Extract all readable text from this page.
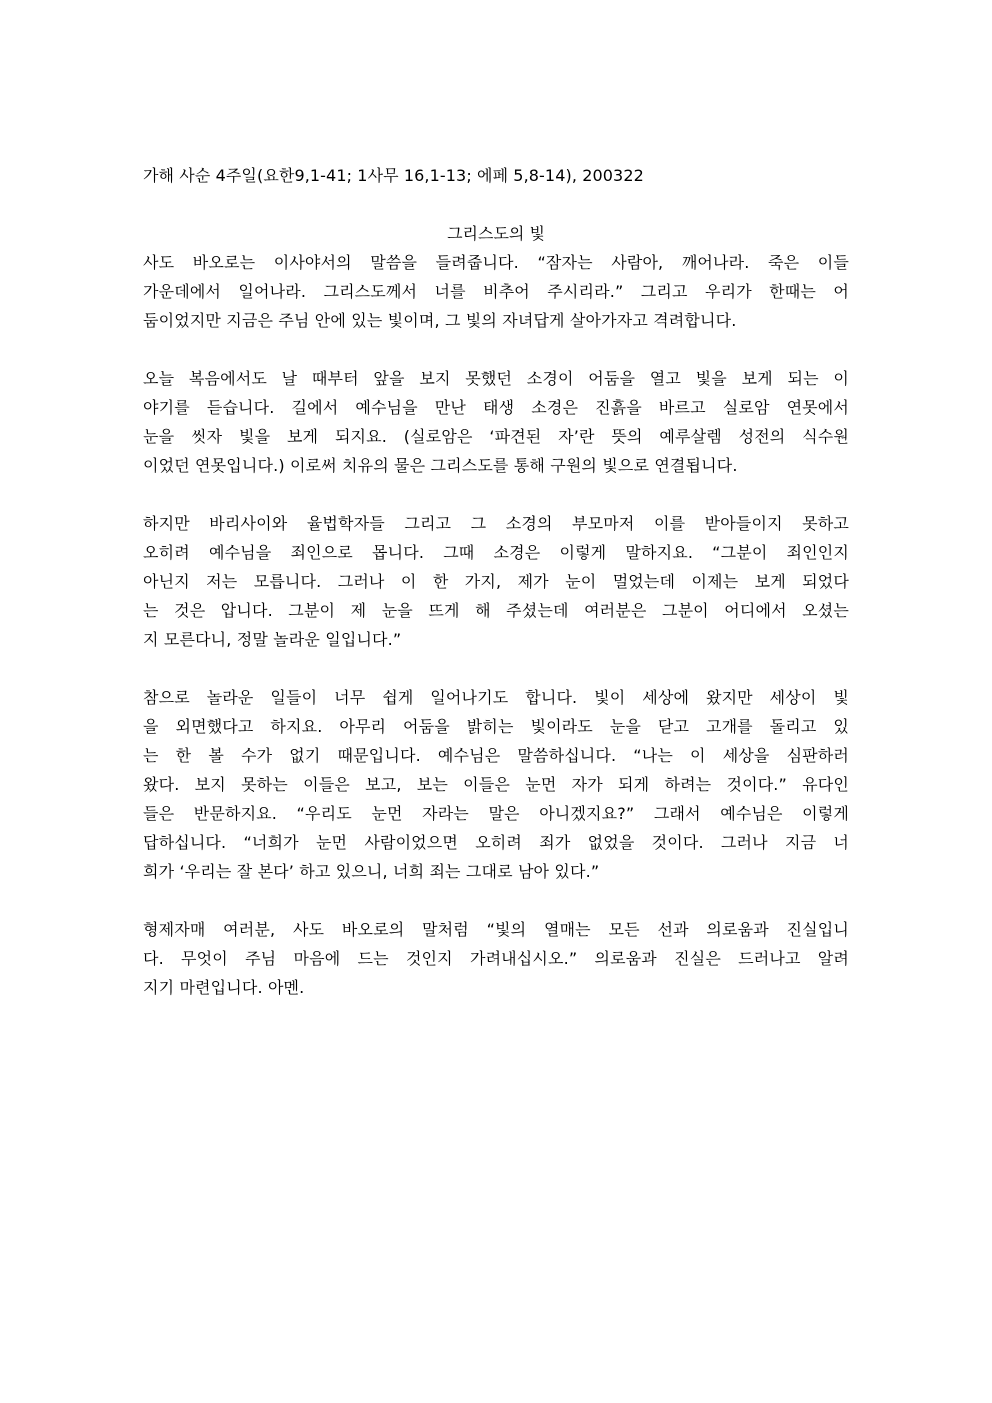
가해 사순 4주일(요한9,1-41; 1사무 16,1-13; 에페 5,8-14), 200322

그리스도의 빛

사도 바오로는 이사야서의 말씀을 들려줍니다. “잠자는 사람아, 깨어나라. 죽은 이들
가운데에서 일어나라. 그리스도께서 너를 비추어 주시리라.” 그리고 우리가 한때는 어
둠이었지만 지금은 주님 안에 있는 빛이며, 그 빛의 자녀답게 살아가자고 격려합니다.

오늘 복음에서도 날 때부터 앞을 보지 못했던 소경이 어둠을 열고 빛을 보게 되는 이
야기를 듣습니다. 길에서 예수님을 만난 태생 소경은 진흙을 바르고 실로암 연못에서
눈을 씻자 빛을 보게 되지요. (실로암은 ‘파견된 자’란 뜻의 예루살렘 성전의 식수원
이었던 연못입니다.) 이로써 치유의 물은 그리스도를 통해 구원의 빛으로 연결됩니다.

하지만 바리사이와 율법학자들 그리고 그 소경의 부모마저 이를 받아들이지 못하고
오히려 예수님을 죄인으로 몹니다. 그때 소경은 이렇게 말하지요. “그분이 죄인인지
아닌지 저는 모릅니다. 그러나 이 한 가지, 제가 눈이 멀었는데 이제는 보게 되었다
는 것은 압니다. 그분이 제 눈을 뜨게 해 주셨는데 여러분은 그분이 어디에서 오셨는
지 모른다니, 정말 놀라운 일입니다.”

참으로 놀라운 일들이 너무 쉽게 일어나기도 합니다. 빛이 세상에 왔지만 세상이 빛
을 외면했다고 하지요. 아무리 어둠을 밝히는 빛이라도 눈을 닫고 고개를 돌리고 있
는 한 볼 수가 없기 때문입니다. 예수님은 말씀하십니다. “나는 이 세상을 심판하러
왔다. 보지 못하는 이들은 보고, 보는 이들은 눈먼 자가 되게 하려는 것이다.” 유다인
들은 반문하지요. “우리도 눈먼 자라는 말은 아니겠지요?” 그래서 예수님은 이렇게
답하십니다. “너희가 눈먼 사람이었으면 오히려 죄가 없었을 것이다. 그러나 지금 너
희가 ‘우리는 잘 본다’ 하고 있으니, 너희 죄는 그대로 남아 있다.”

형제자매 여러분, 사도 바오로의 말처럼 “빛의 열매는 모든 선과 의로움과 진실입니
다. 무엇이 주님 마음에 드는 것인지 가려내십시오.” 의로움과 진실은 드러나고 알려
지기 마련입니다. 아멘.
